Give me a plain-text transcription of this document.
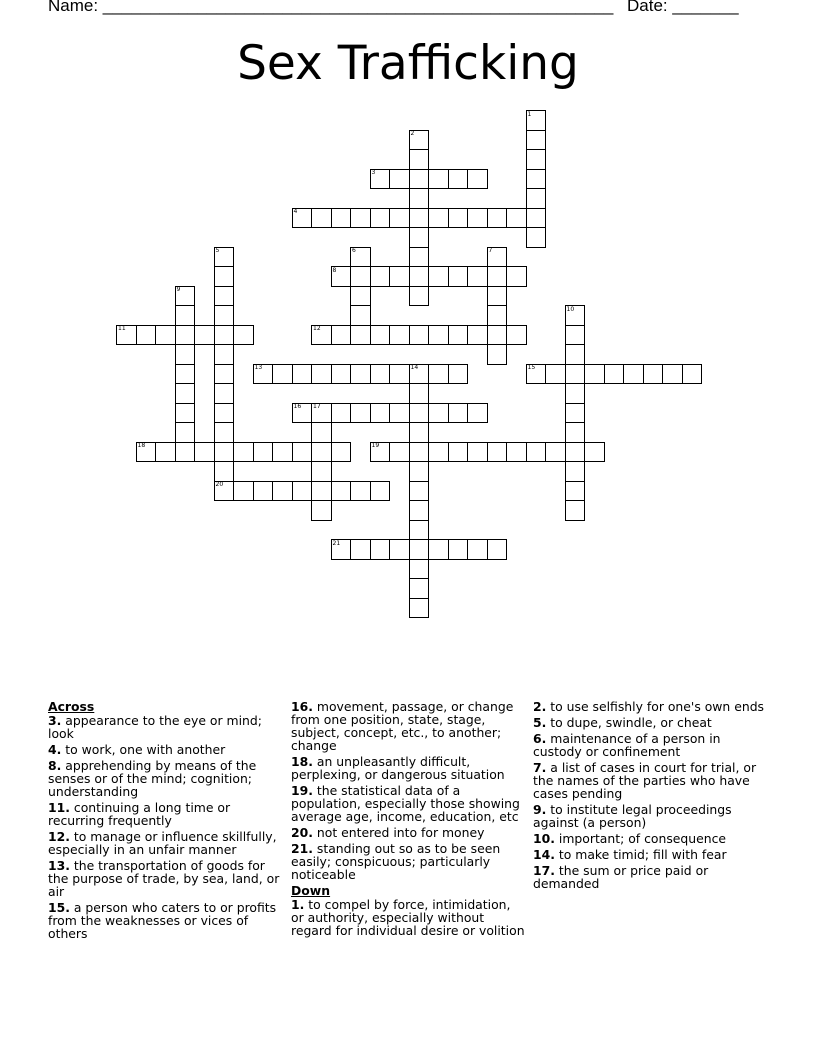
Name: ______________________________________________________ Date: _______
Sex Trafficking
1
2
3
4
5	6	7
8
9
10
11	12
13	14	15
16 17
18	19
20
21
Across
3. appearance to the eye or mind; look
4. to work, one with another
8. apprehending by means of the senses or of the mind; cognition; understanding
11. continuing a long time or recurring frequently
12. to manage or influence skillfully, especially in an unfair manner
13. the transportation of goods for the purpose of trade, by sea, land, or air
15. a person who caters to or profits from the weaknesses or vices of others
16. movement, passage, or change from one position, state, stage, subject, concept, etc., to another; change
18. an unpleasantly difficult, perplexing, or dangerous situation
19. the statistical data of a population, especially those showing average age, income, education, etc
20. not entered into for money
21. standing out so as to be seen easily; conspicuous; particularly noticeable
Down
1. to compel by force, intimidation, or authority, especially without regard for individual desire or volition
2. to use selfishly for one's own ends
5. to dupe, swindle, or cheat
6. maintenance of a person in custody or confinement
7. a list of cases in court for trial, or the names of the parties who have cases pending
9. to institute legal proceedings against (a person)
10. important; of consequence
14. to make timid; fill with fear
17. the sum or price paid or demanded
